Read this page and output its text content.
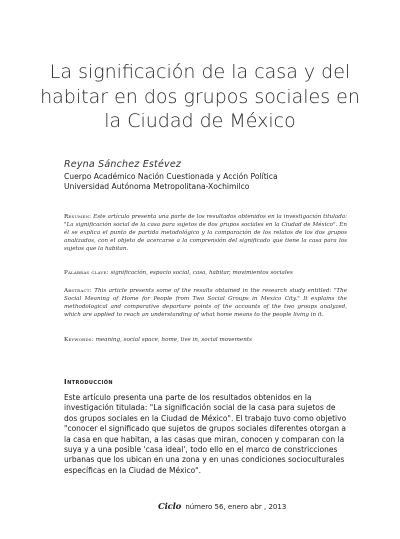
La significación de la casa y del habitar en dos grupos sociales en la Ciudad de México

Reyna Sánchez Estévez

Cuerpo Académico Nación Cuestionada y Acción Política

Universidad Autónoma Metropolitana-Xochimilco

Resumen: Este artículo presenta una parte de los resultados obtenidos en la investigación titulada: "La significación social de la casa para sujetos de dos grupos sociales en la Ciudad de México". En él se explica el punto de partida metodológico y la comparación de los relatos de los dos grupos analizados, con el objeto de acercarse a la comprensión del significado que tiene la casa para los sujetos que la habitan.

Palabras clave: significación, espacio social, casa, habitar, movimientos sociales

Abstract: This article presents some of the results obtained in the research study entitled: "The Social Meaning of Home for People from Two Social Groups in Mexico City." It explains the methodological and comparative departure points of the accounts of the two groups analyzed, which are applied to reach an understanding of what home means to the people living in it.

Keywords: meaning, social space, home, live in, social movements

Introducción

Este artículo presenta una parte de los resultados obtenidos en la investigación titulada: "La significación social de la casa para sujetos de dos grupos sociales en la Ciudad de México". El trabajo tuvo como objetivo "conocer el significado que sujetos de grupos sociales diferentes otorgan a la casa en que habitan, a las casas que miran, conocen y comparan con la suya y a una posible 'casa ideal', todo ello en el marco de constricciones urbanas que los ubican en una zona y en unas condiciones socioculturales específicas en la Ciudad de México".

Ciclo número 56, enero abr , 2013
